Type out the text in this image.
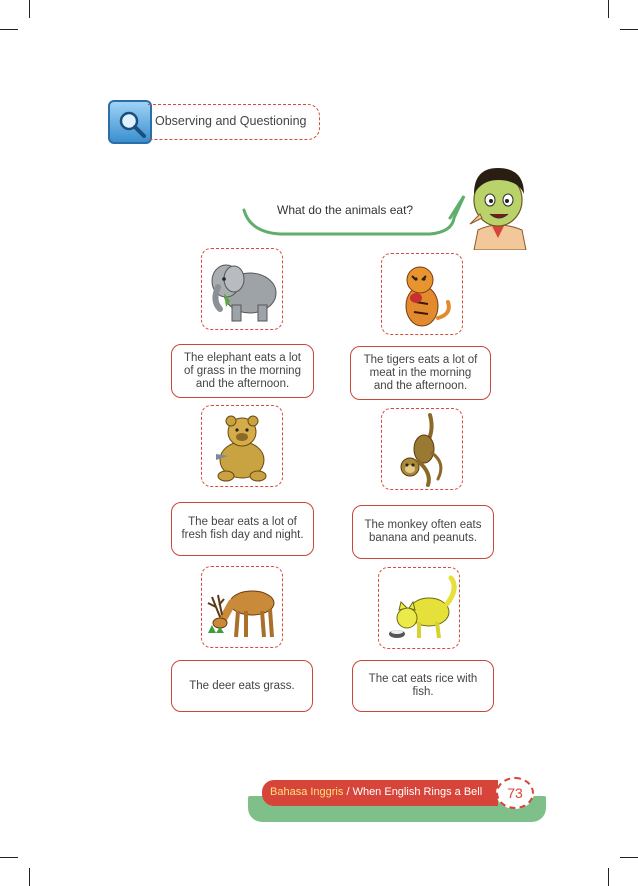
Observing and Questioning
What do the animals eat?
The elephant eats a lot of grass in the morning and the afternoon.
The tigers eats a lot of meat in the morning and the afternoon.
The bear eats a lot of fresh fish day and night.
The monkey often eats banana and peanuts.
The deer eats grass.
The cat eats rice with fish.
Bahasa Inggris / When English Rings a Bell	73
